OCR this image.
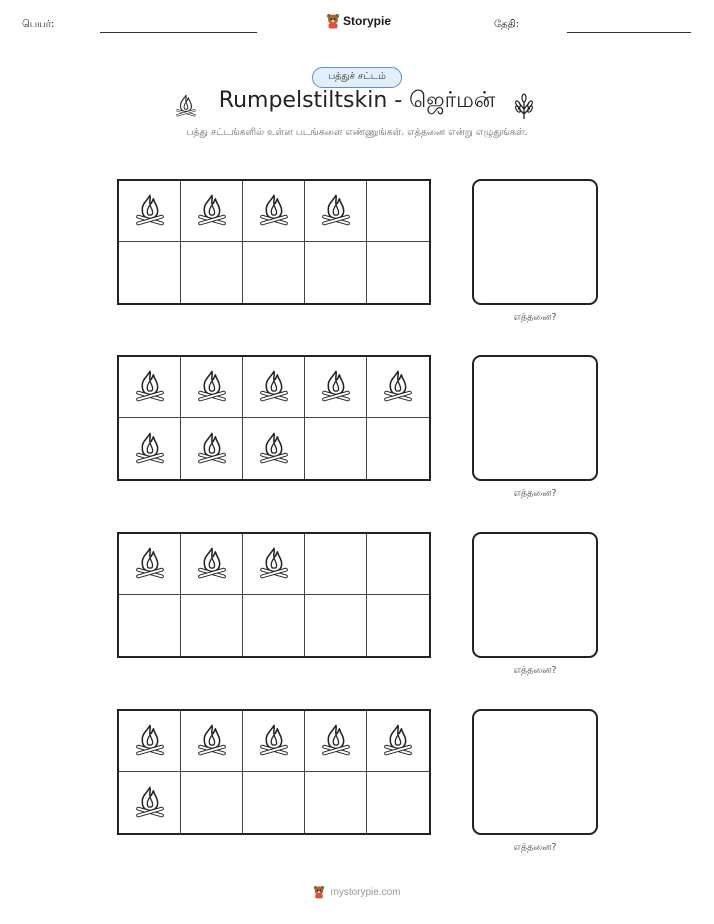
பெயர்:	Storypie	தேதி:
பத்துச் சட்டம்
Rumpelstiltskin - ஜெர்மன்
பத்து சட்டங்களில் உள்ள படங்களை எண்ணுங்கள். எத்தனை என்று எழுதுங்கள்.
எத்தனை?
எத்தனை?
எத்தனை?
எத்தனை?
mystorypie.com
